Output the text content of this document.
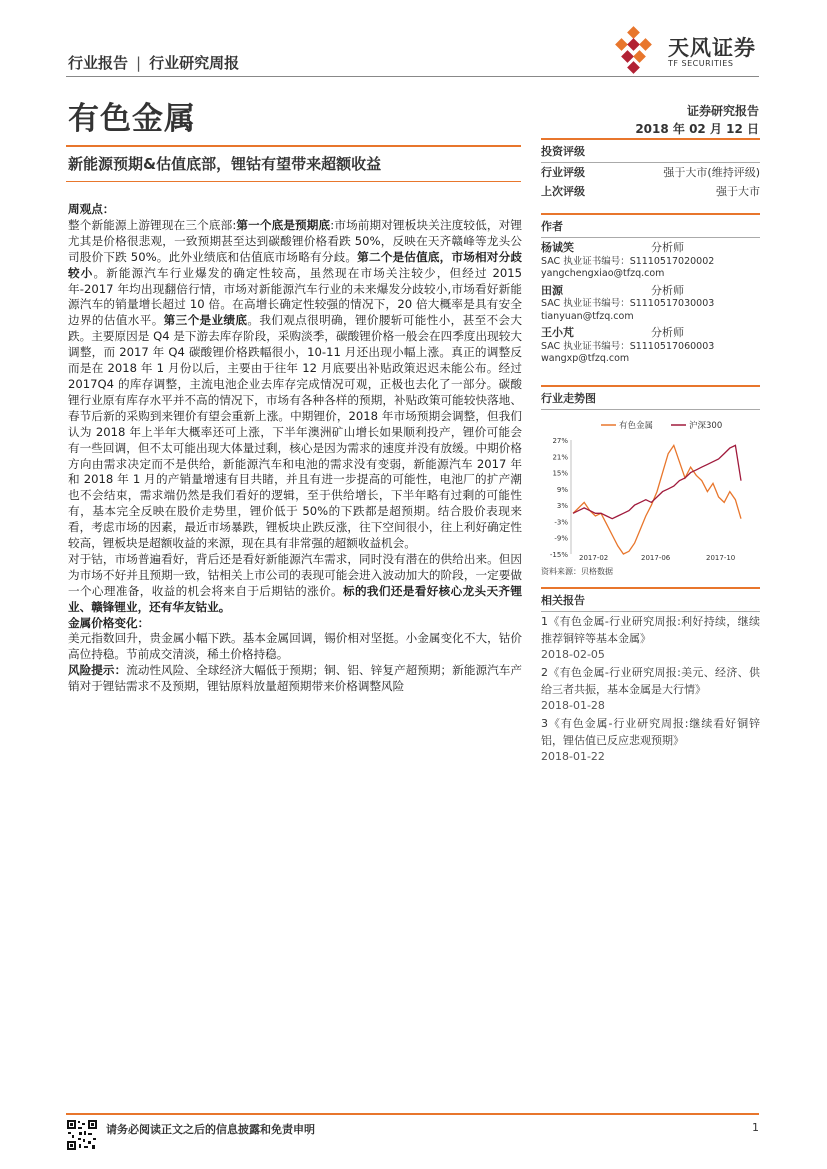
行业报告 | 行业研究周报
天风证券
TF SECURITIES
有色金属	证券研究报告
2018 年 02 月 12 日
新能源预期&估值底部，锂钴有望带来超额收益

周观点：

整个新能源上游锂现在三个底部:第一个底是预期底:市场前期对锂板块关注度较低，对锂尤其是价格很悲观，一致预期甚至达到碳酸锂价格看跌 50%，反映在天齐赣峰等龙头公司股价下跌 50%。此外业绩底和估值底市场略有分歧。第二个是估值底，市场相对分歧较小。新能源汽车行业爆发的确定性较高，虽然现在市场关注较少，但经过 2015 年-2017 年均出现翻倍行情，市场对新能源汽车行业的未来爆发分歧较小,市场看好新能源汽车的销量增长超过 10 倍。在高增长确定性较强的情况下，20 倍大概率是具有安全边界的估值水平。第三个是业绩底。我们观点很明确，锂价腰斩可能性小，甚至不会大跌。主要原因是 Q4 是下游去库存阶段，采购淡季，碳酸锂价格一般会在四季度出现较大调整，而 2017 年 Q4 碳酸锂价格跌幅很小，10-11 月还出现小幅上涨。真正的调整反而是在 2018 年 1 月份以后，主要由于往年 12 月底要出补贴政策迟迟未能公布。经过 2017Q4 的库存调整，主流电池企业去库存完成情况可观，正极也去化了一部分。碳酸锂行业原有库存水平并不高的情况下，市场有各种各样的预期，补贴政策可能较快落地、春节后新的采购到来锂价有望会重新上涨。中期锂价，2018 年市场预期会调整，但我们认为 2018 年上半年大概率还可上涨，下半年澳洲矿山增长如果顺利投产，锂价可能会有一些回调，但不太可能出现大体量过剩，核心是因为需求的速度并没有放缓。中期价格方向由需求决定而不是供给，新能源汽车和电池的需求没有变弱，新能源汽车 2017 年和 2018 年 1 月的产销量增速有目共睹，并且有进一步提高的可能性，电池厂的扩产潮也不会结束，需求端仍然是我们看好的逻辑，至于供给增长，下半年略有过剩的可能性有，基本完全反映在股价走势里，锂价低于 50%的下跌都是超预期。结合股价表现来看，考虑市场的因素，最近市场暴跌，锂板块止跌反涨，往下空间很小，往上利好确定性较高，锂板块是超额收益的来源，现在具有非常强的超额收益机会。

对于钴，市场普遍看好，背后还是看好新能源汽车需求，同时没有潜在的供给出来。但因为市场不好并且预期一致，钴相关上市公司的表现可能会进入波动加大的阶段，一定要做一个心理准备，收益的机会将来自于后期钴的涨价。标的我们还是看好核心龙头天齐锂业、赣锋锂业，还有华友钴业。

金属价格变化：

美元指数回升，贵金属小幅下跌。基本金属回调，锡价相对坚挺。小金属变化不大，钴价高位持稳。节前成交清淡，稀土价格持稳。

风险提示：流动性风险、全球经济大幅低于预期；铜、铝、锌复产超预期；新能源汽车产销对于锂钴需求不及预期，锂钴原料放量超预期带来价格调整风险

投资评级
行业评级	强于大市(维持评级)
上次评级	强于大市
作者
杨诚笑	分析师
SAC 执业证书编号：S1110517020002
yangchengxiao@tfzq.com
田源	分析师
SAC 执业证书编号：S1110517030003
tianyuan@tfzq.com
王小芃	分析师
SAC 执业证书编号：S1110517060003
wangxp@tfzq.com
行业走势图
有色金属	沪深300
27%
21%
15%
9%
3%
-3%
-9%
-15% 2017-02	2017-06	2017-10
资料来源：贝格数据
相关报告
1《有色金属-行业研究周报:利好持续，继续推荐铜锌等基本金属》
2018-02-05
2《有色金属-行业研究周报:美元、经济、供给三者共振，基本金属是大行情》
2018-01-28
3《有色金属-行业研究周报:继续看好铜锌铝，锂估值已反应悲观预期》
2018-01-22
请务必阅读正文之后的信息披露和免责申明	1
